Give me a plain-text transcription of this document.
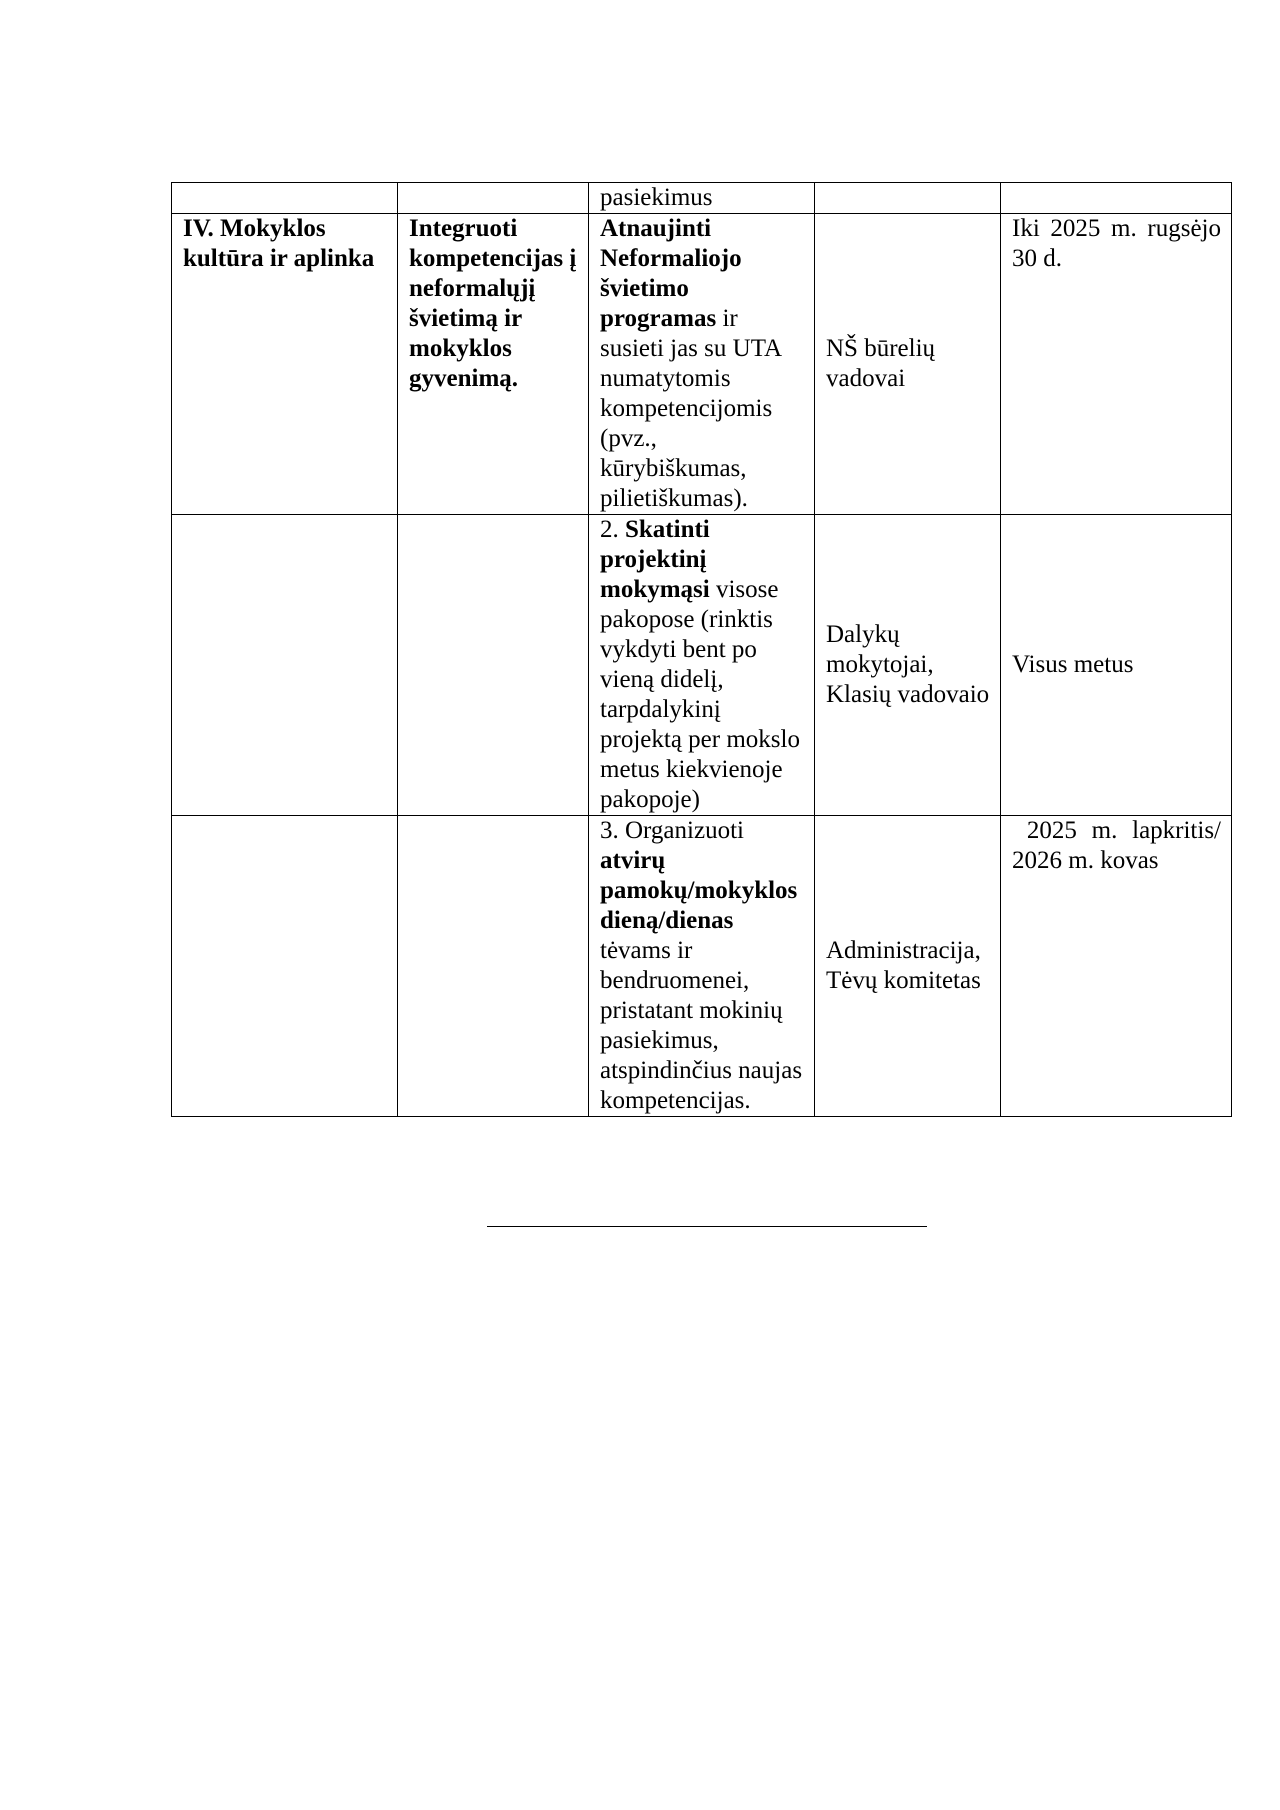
		pasiekimus		
IV. Mokyklos kultūra ir aplinka	Integruoti kompetencijas į neformalųjį švietimą ir mokyklos gyvenimą.	Atnaujinti Neformaliojo švietimo programas ir susieti jas su UTA numatytomis kompetencijomis (pvz., kūrybiškumas, pilietiškumas).	NŠ būrelių vadovai	Iki 2025 m. rugsėjo 30 d.
		2. Skatinti projektinį mokymąsi visose pakopose (rinktis vykdyti bent po vieną didelį, tarpdalykinį projektą per mokslo metus kiekvienoje pakopoje)	Dalykų mokytojai, Klasių vadovaio	Visus metus
		3. Organizuoti atvirų pamokų/mokyklos dieną/dienas tėvams ir bendruomenei, pristatant mokinių pasiekimus, atspindinčius naujas kompetencijas.	Administracija, Tėvų komitetas	2025  m.  lapkritis/ 2026 m. kovas
